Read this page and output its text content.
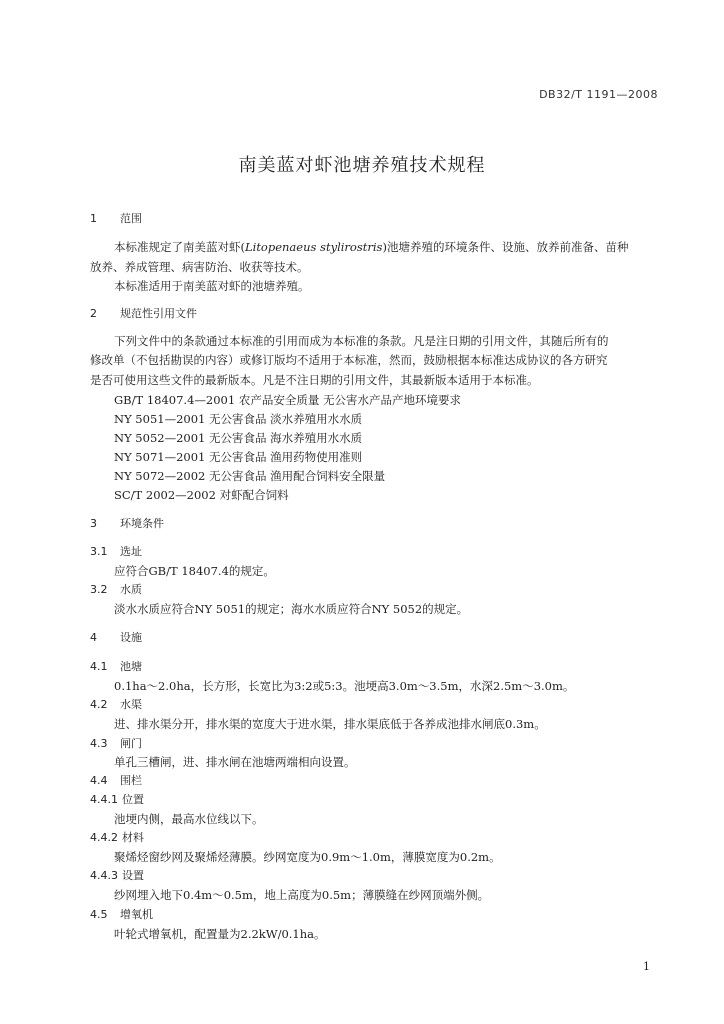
DB32/T 1191—2008
南美蓝对虾池塘养殖技术规程
1 范围
本标准规定了南美蓝对虾(Litopenaeus stylirostris)池塘养殖的环境条件、设施、放养前准备、苗种
放养、养成管理、病害防治、收获等技术。
本标准适用于南美蓝对虾的池塘养殖。
2 规范性引用文件
下列文件中的条款通过本标准的引用而成为本标准的条款。凡是注日期的引用文件，其随后所有的
修改单（不包括勘误的内容）或修订版均不适用于本标准，然而，鼓励根据本标准达成协议的各方研究
是否可使用这些文件的最新版本。凡是不注日期的引用文件，其最新版本适用于本标准。
GB/T 18407.4—2001 农产品安全质量 无公害水产品产地环境要求
NY 5051—2001 无公害食品 淡水养殖用水水质
NY 5052—2001 无公害食品 海水养殖用水水质
NY 5071—2001 无公害食品 渔用药物使用准则
NY 5072—2002 无公害食品 渔用配合饲料安全限量
SC/T 2002—2002 对虾配合饲料
3 环境条件
3.1 选址
应符合GB/T 18407.4的规定。
3.2 水质
淡水水质应符合NY 5051的规定；海水水质应符合NY 5052的规定。
4 设施
4.1 池塘
0.1ha～2.0ha，长方形，长宽比为3:2或5:3。池埂高3.0m～3.5m，水深2.5m～3.0m。
4.2 水渠
进、排水渠分开，排水渠的宽度大于进水渠，排水渠底低于各养成池排水闸底0.3m。
4.3 闸门
单孔三槽闸，进、排水闸在池塘两端相向设置。
4.4 围栏
4.4.1 位置
池埂内侧，最高水位线以下。
4.4.2 材料
聚烯烃窗纱网及聚烯烃薄膜。纱网宽度为0.9m～1.0m，薄膜宽度为0.2m。
4.4.3 设置
纱网埋入地下0.4m～0.5m，地上高度为0.5m；薄膜缝在纱网顶端外侧。
4.5 增氧机
叶轮式增氧机，配置量为2.2kW/0.1ha。
1
